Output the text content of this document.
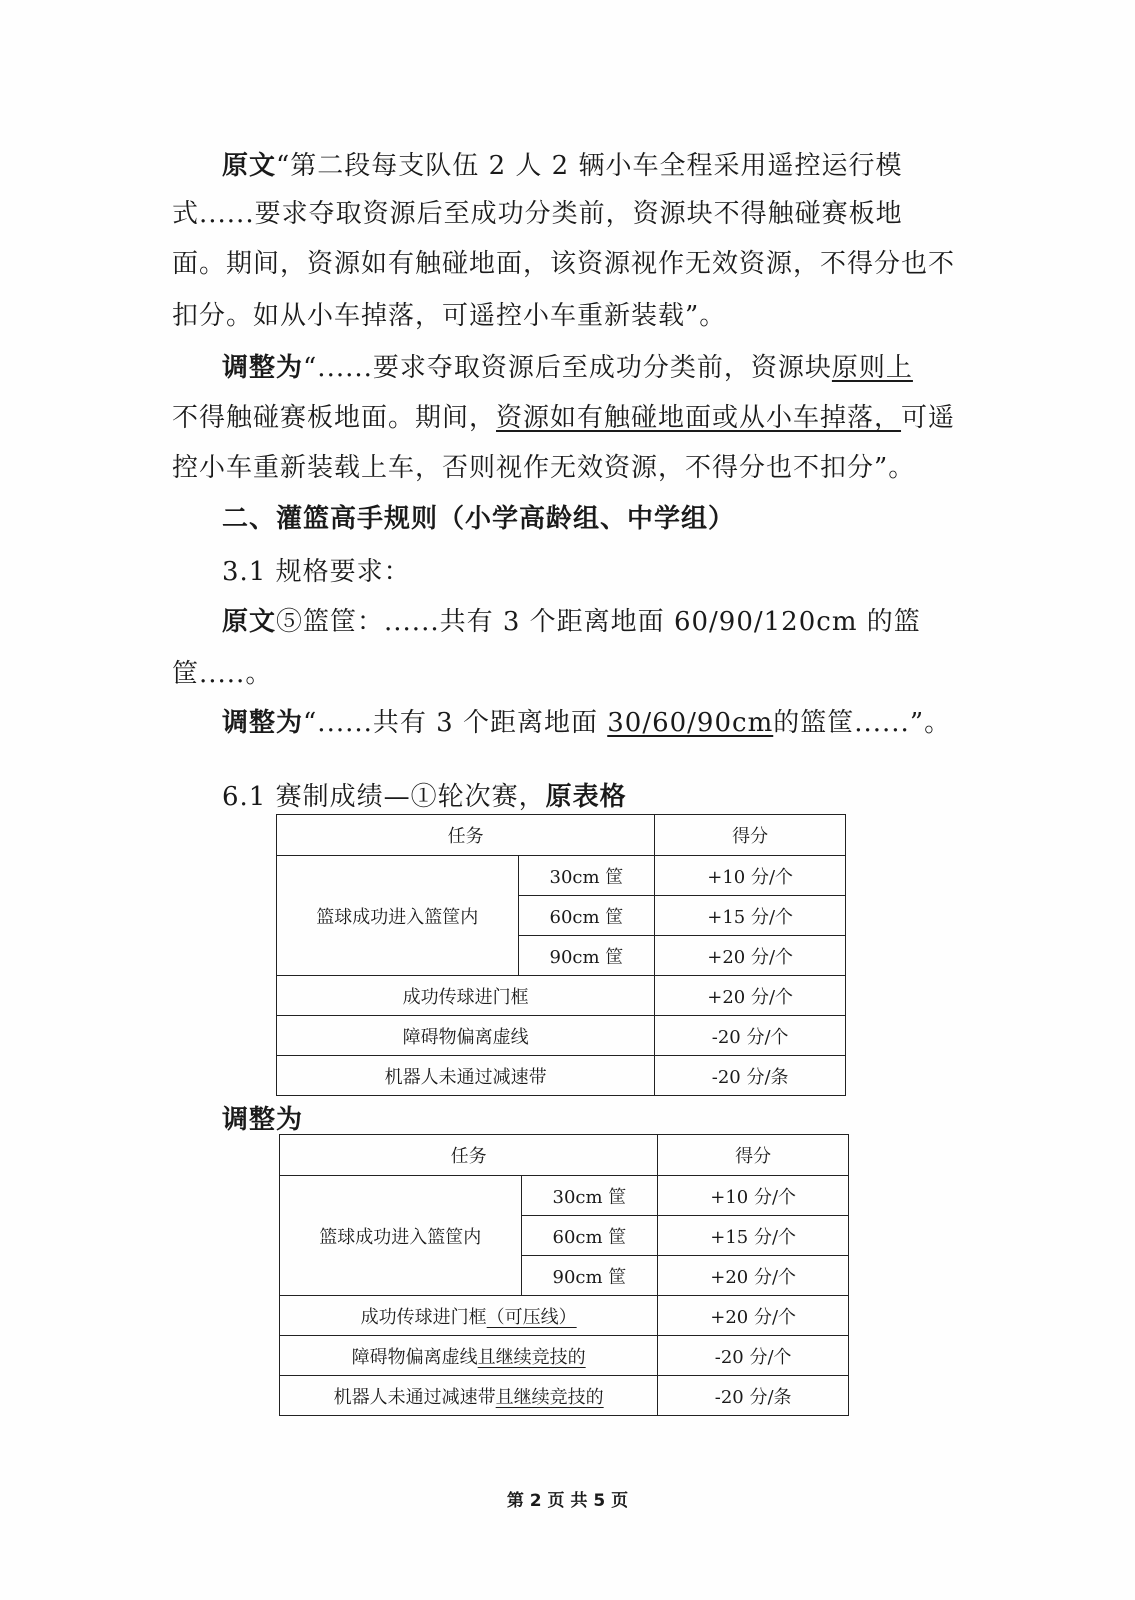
原文“第二段每支队伍 2 人 2 辆小车全程采用遥控运行模
式......要求夺取资源后至成功分类前，资源块不得触碰赛板地
面。期间，资源如有触碰地面，该资源视作无效资源，不得分也不
扣分。如从小车掉落，可遥控小车重新装载”。
调整为“......要求夺取资源后至成功分类前，资源块原则上
不得触碰赛板地面。期间，资源如有触碰地面或从小车掉落，可遥
控小车重新装载上车，否则视作无效资源，不得分也不扣分”。
二、灌篮高手规则（小学高龄组、中学组）
3.1 规格要求：
原文⑤篮筐：......共有 3 个距离地面 60/90/120cm 的篮
筐.....。
调整为“......共有 3 个距离地面 30/60/90cm的篮筐......”。
6.1 赛制成绩—①轮次赛，原表格
任务		得分
篮球成功进入篮筐内	30cm 筐	+10 分/个
	60cm 筐	+15 分/个
	90cm 筐	+20 分/个
成功传球进门框		+20 分/个
障碍物偏离虚线		-20 分/个
机器人未通过减速带		-20 分/条
调整为
任务		得分
篮球成功进入篮筐内	30cm 筐	+10 分/个
	60cm 筐	+15 分/个
	90cm 筐	+20 分/个
成功传球进门框（可压线）		+20 分/个
障碍物偏离虚线且继续竞技的		-20 分/个
机器人未通过减速带且继续竞技的		-20 分/条
第 2 页 共 5 页
